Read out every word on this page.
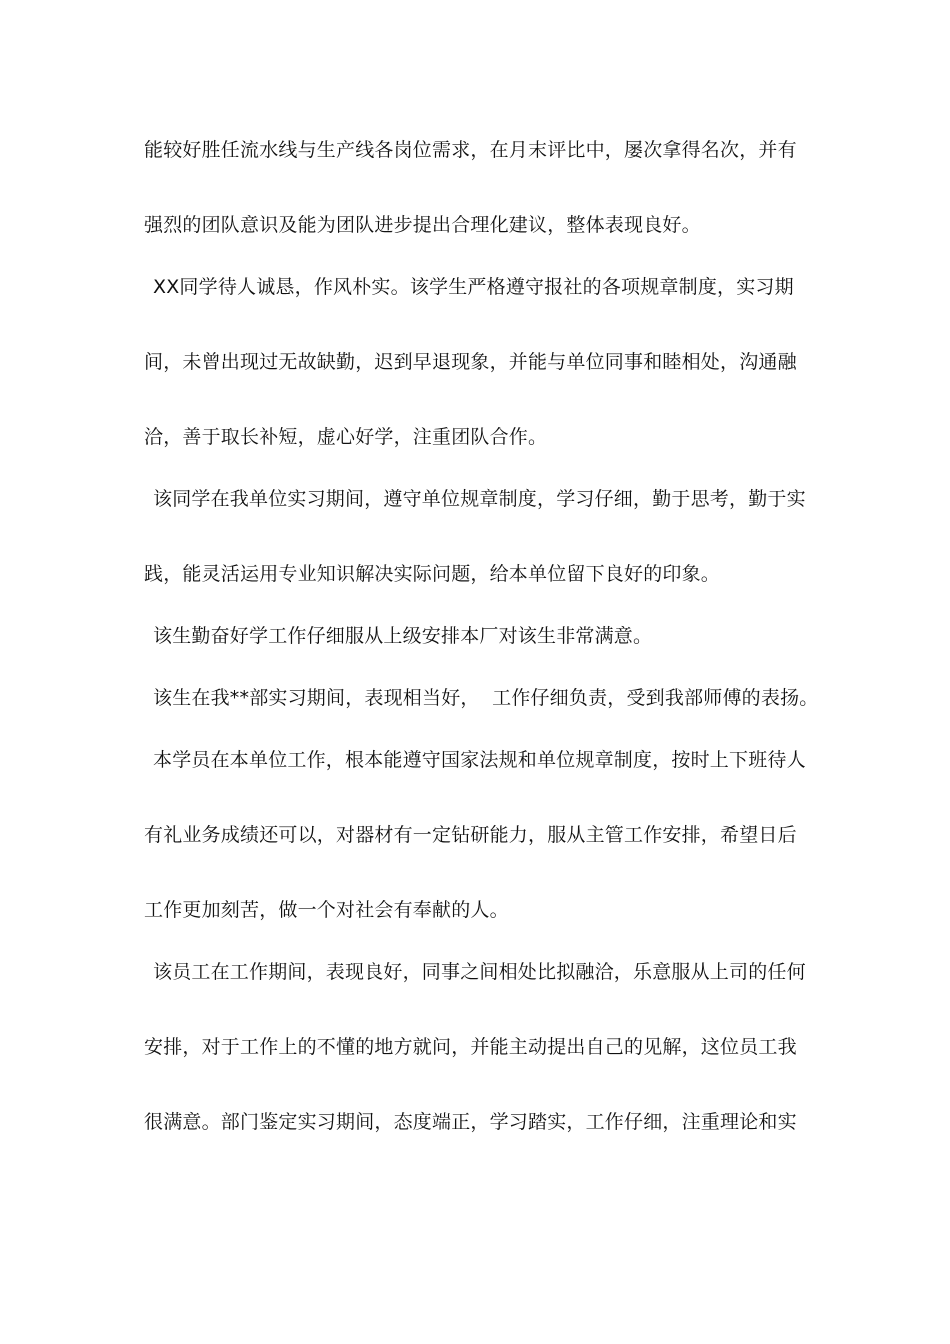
能较好胜任流水线与生产线各岗位需求，在月末评比中，屡次拿得名次，并有
强烈的团队意识及能为团队进步提出合理化建议，整体表现良好。
XX同学待人诚恳，作风朴实。该学生严格遵守报社的各项规章制度，实习期
间，未曾出现过无故缺勤，迟到早退现象，并能与单位同事和睦相处，沟通融
洽，善于取长补短，虚心好学，注重团队合作。
该同学在我单位实习期间，遵守单位规章制度，学习仔细，勤于思考，勤于实
践，能灵活运用专业知识解决实际问题，给本单位留下良好的印象。
该生勤奋好学工作仔细服从上级安排本厂对该生非常满意。
该生在我**部实习期间，表现相当好，  工作仔细负责，受到我部师傅的表扬。
本学员在本单位工作，根本能遵守国家法规和单位规章制度，按时上下班待人
有礼业务成绩还可以，对器材有一定钻研能力，服从主管工作安排，希望日后
工作更加刻苦，做一个对社会有奉献的人。
该员工在工作期间，表现良好，同事之间相处比拟融洽，乐意服从上司的任何
安排，对于工作上的不懂的地方就问，并能主动提出自己的见解，这位员工我
很满意。部门鉴定实习期间，态度端正，学习踏实，工作仔细，注重理论和实
